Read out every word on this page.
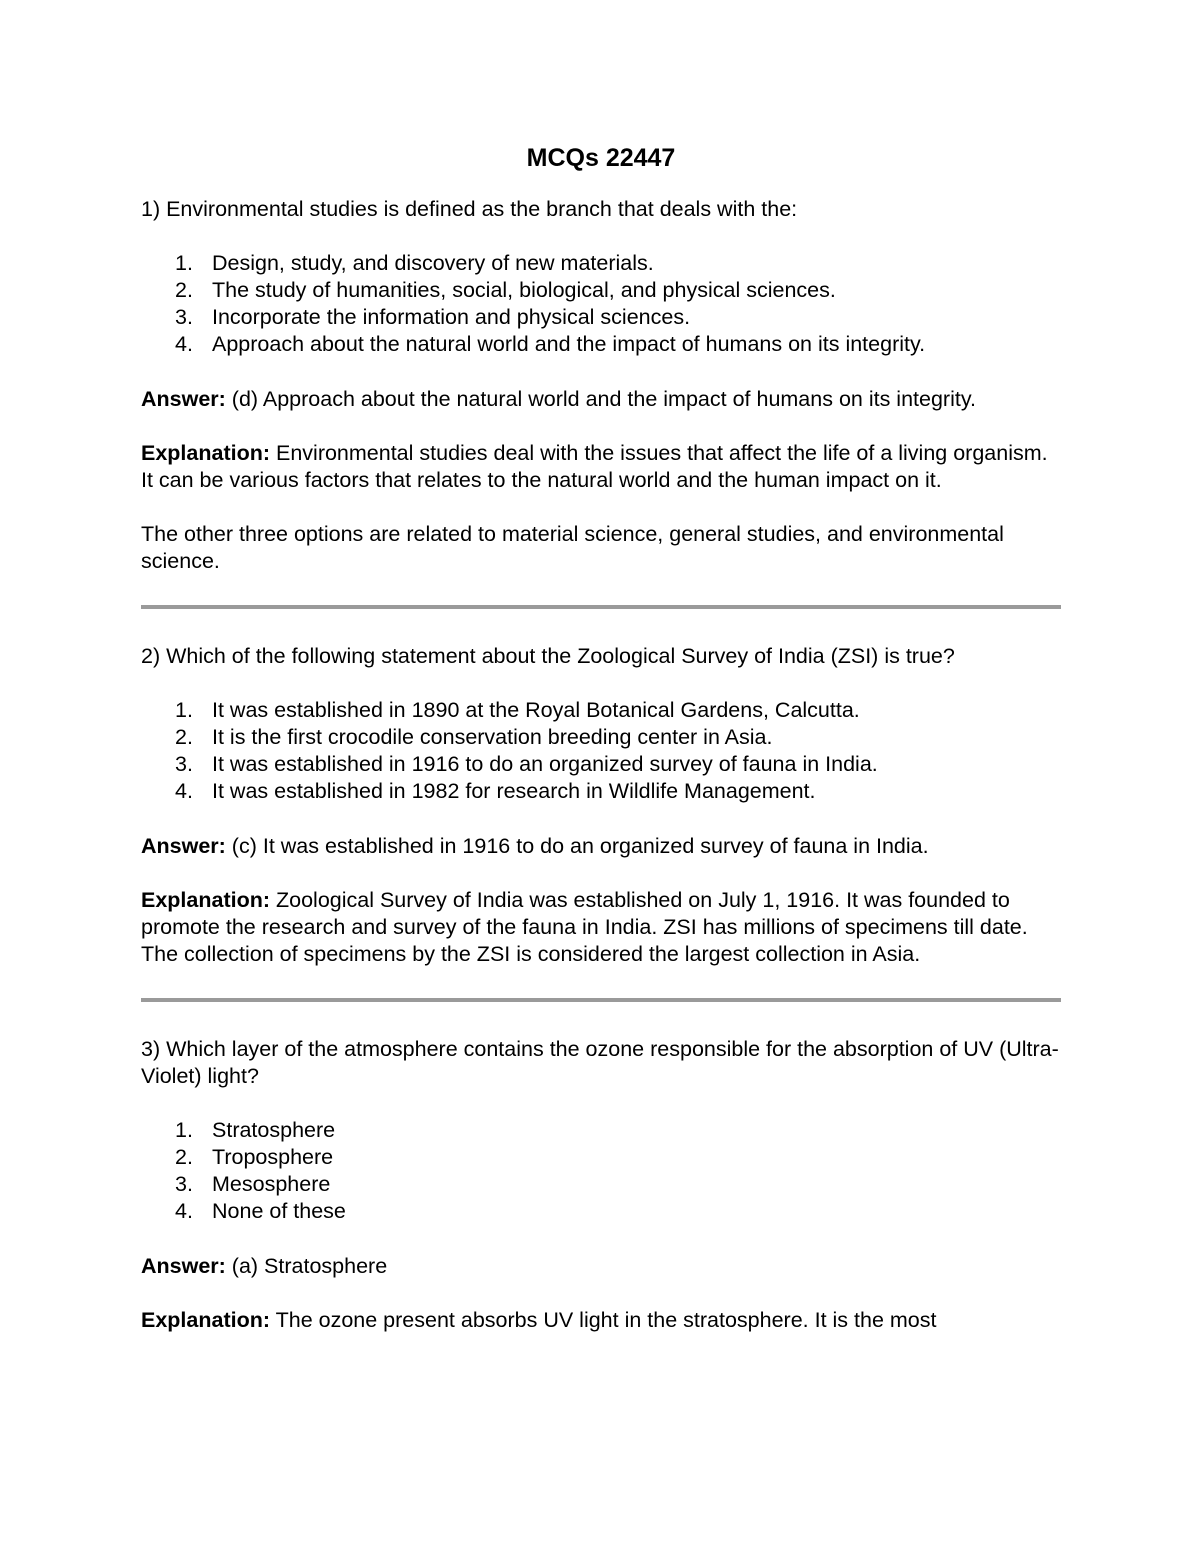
MCQs 22447

1) Environmental studies is defined as the branch that deals with the:

1. Design, study, and discovery of new materials.
2. The study of humanities, social, biological, and physical sciences.
3. Incorporate the information and physical sciences.
4. Approach about the natural world and the impact of humans on its integrity.

Answer: (d) Approach about the natural world and the impact of humans on its integrity.

Explanation: Environmental studies deal with the issues that affect the life of a living organism. It can be various factors that relates to the natural world and the human impact on it.

The other three options are related to material science, general studies, and environmental science.

2) Which of the following statement about the Zoological Survey of India (ZSI) is true?

1. It was established in 1890 at the Royal Botanical Gardens, Calcutta.
2. It is the first crocodile conservation breeding center in Asia.
3. It was established in 1916 to do an organized survey of fauna in India.
4. It was established in 1982 for research in Wildlife Management.

Answer: (c) It was established in 1916 to do an organized survey of fauna in India.

Explanation: Zoological Survey of India was established on July 1, 1916. It was founded to promote the research and survey of the fauna in India. ZSI has millions of specimens till date. The collection of specimens by the ZSI is considered the largest collection in Asia.

3) Which layer of the atmosphere contains the ozone responsible for the absorption of UV (Ultra-Violet) light?

1. Stratosphere
2. Troposphere
3. Mesosphere
4. None of these

Answer: (a) Stratosphere

Explanation: The ozone present absorbs UV light in the stratosphere. It is the most
